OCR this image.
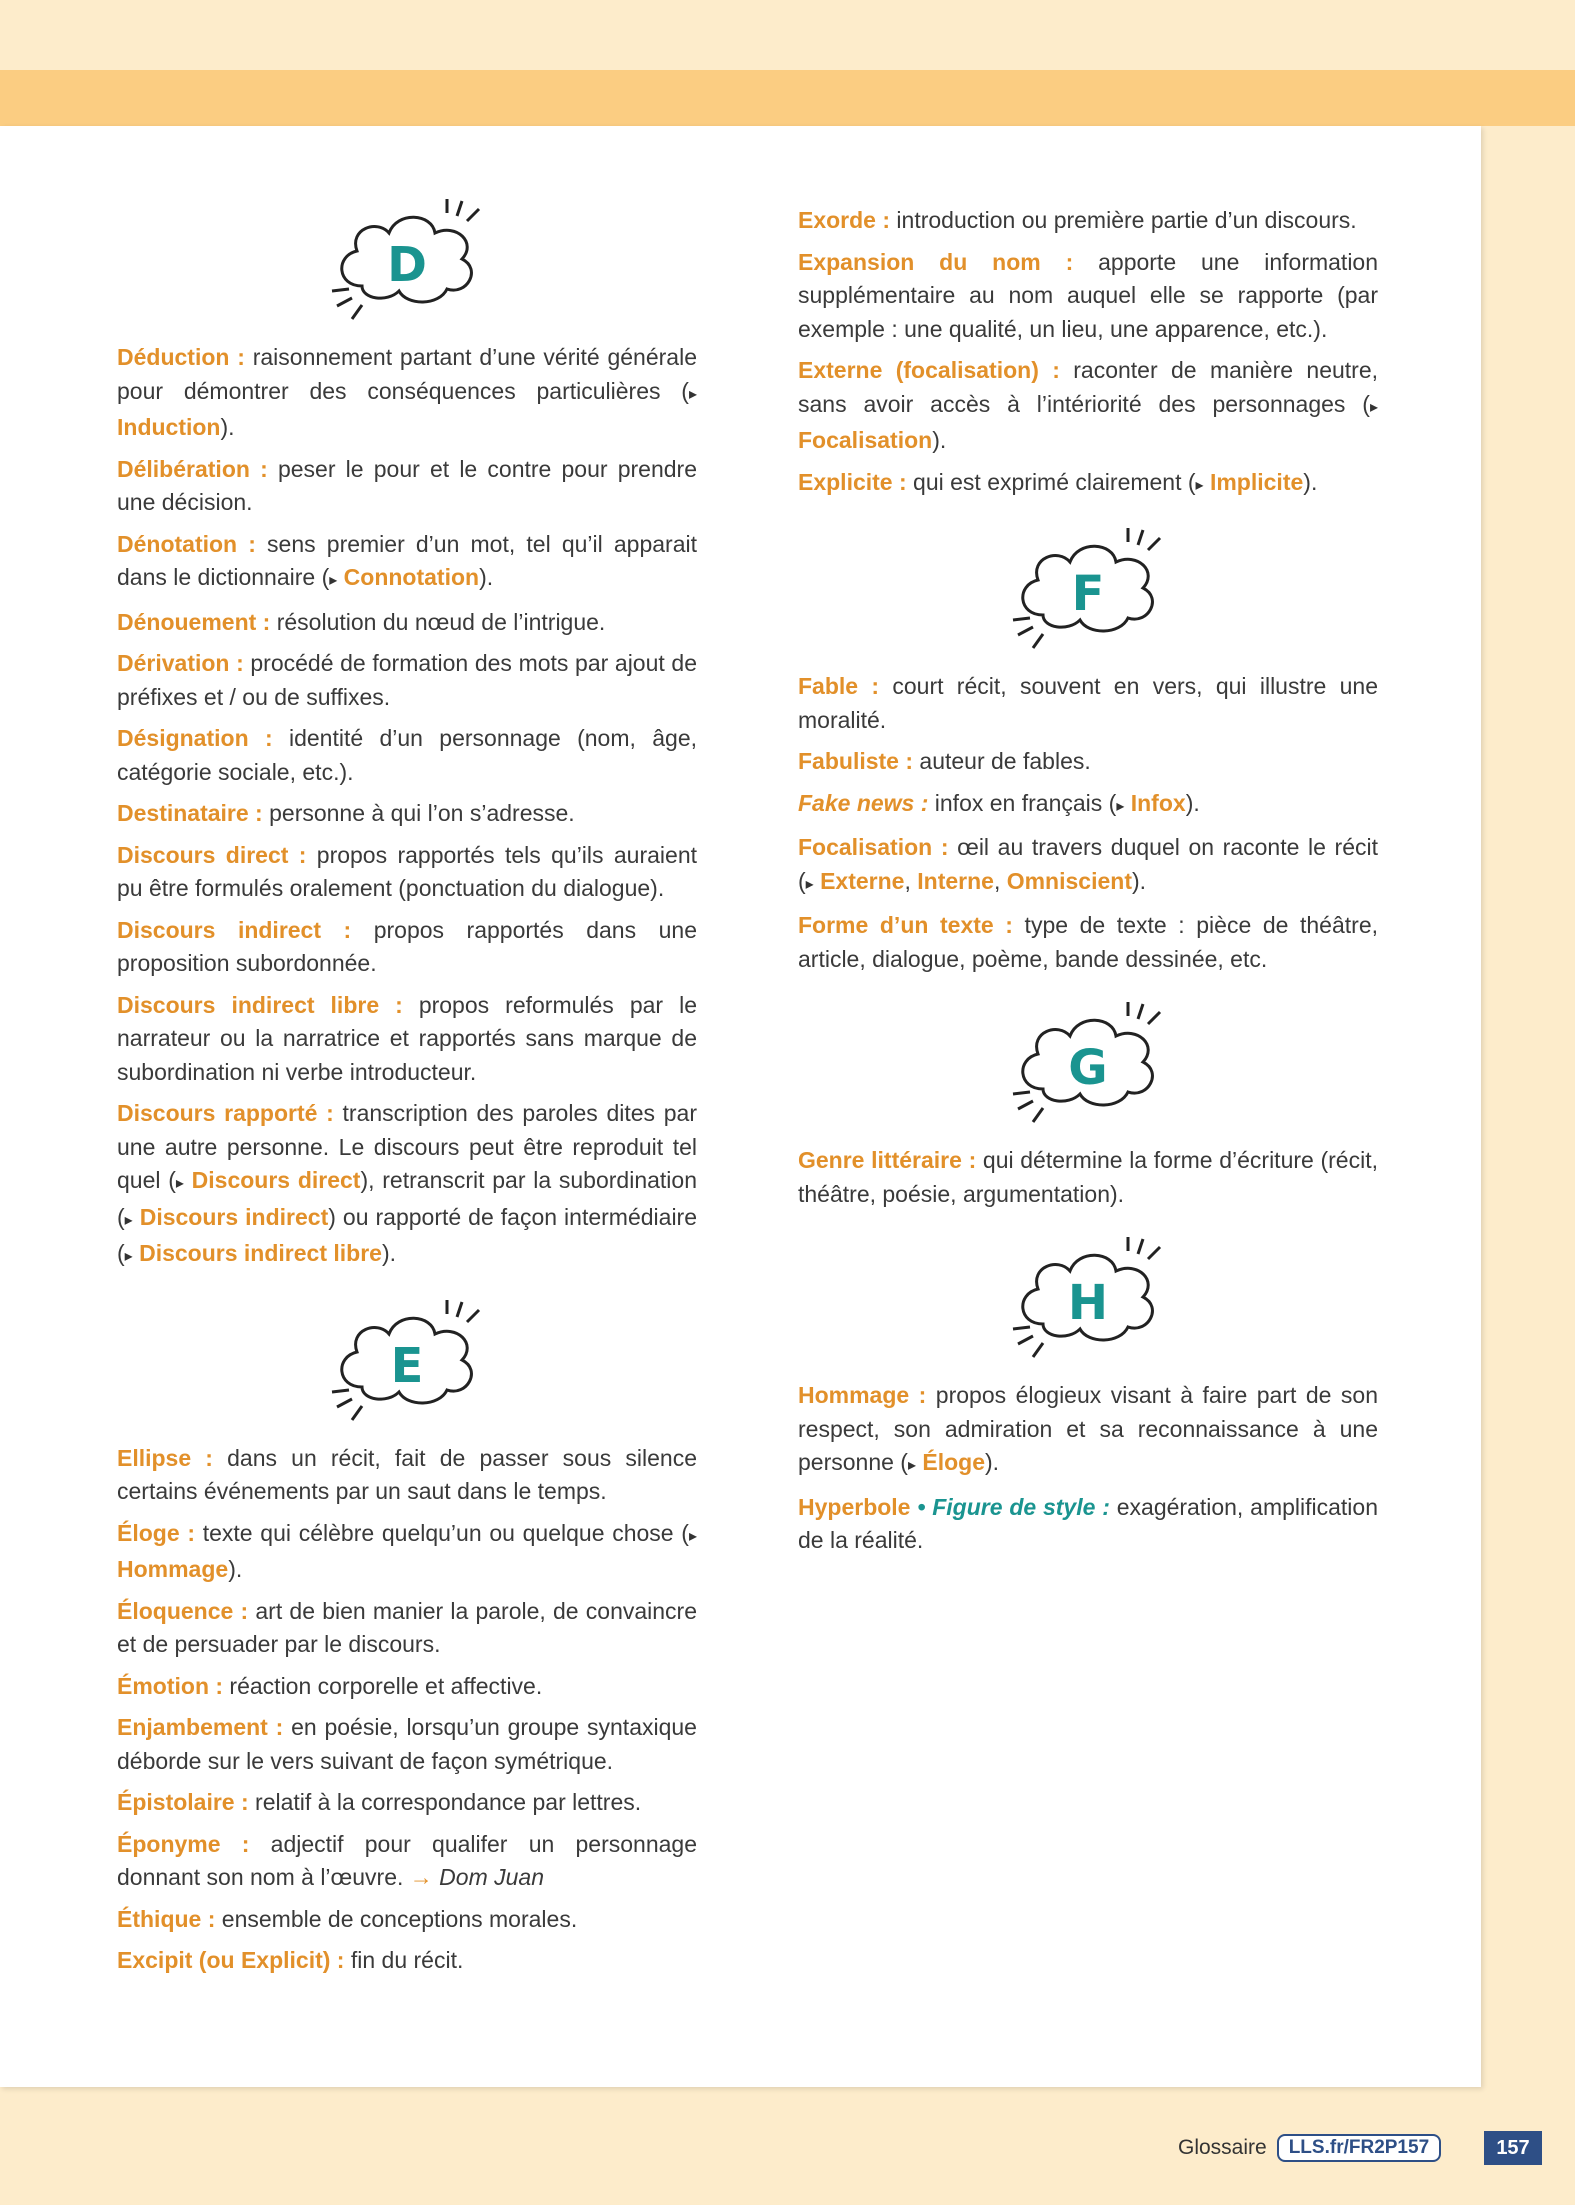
D

Déduction : raisonnement partant d’une vérité générale pour démontrer des conséquences particulières (▸ Induction).

Délibération : peser le pour et le contre pour prendre une décision.

Dénotation : sens premier d’un mot, tel qu’il apparait dans le dictionnaire (▸ Connotation).

Dénouement : résolution du nœud de l’intrigue.

Dérivation : procédé de formation des mots par ajout de préfixes et / ou de suffixes.

Désignation : identité d’un personnage (nom, âge, catégorie sociale, etc.).

Destinataire : personne à qui l’on s’adresse.

Discours direct : propos rapportés tels qu’ils auraient pu être formulés oralement (ponctuation du dialogue).

Discours indirect : propos rapportés dans une proposition subordonnée.

Discours indirect libre : propos reformulés par le narrateur ou la narratrice et rapportés sans marque de subordination ni verbe introducteur.

Discours rapporté : transcription des paroles dites par une autre personne. Le discours peut être reproduit tel quel (▸ Discours direct), retranscrit par la subordination (▸ Discours indirect) ou rapporté de façon intermédiaire (▸ Discours indirect libre).

E

Ellipse : dans un récit, fait de passer sous silence certains événements par un saut dans le temps.

Éloge : texte qui célèbre quelqu’un ou quelque chose (▸ Hommage).

Éloquence : art de bien manier la parole, de convaincre et de persuader par le discours.

Émotion : réaction corporelle et affective.

Enjambement : en poésie, lorsqu’un groupe syntaxique déborde sur le vers suivant de façon symétrique.

Épistolaire : relatif à la correspondance par lettres.

Éponyme : adjectif pour qualifer un personnage donnant son nom à l’œuvre. → Dom Juan

Éthique : ensemble de conceptions morales.

Excipit (ou Explicit) : fin du récit.

Exorde : introduction ou première partie d’un discours.

Expansion du nom : apporte une information supplémentaire au nom auquel elle se rapporte (par exemple : une qualité, un lieu, une apparence, etc.).

Externe (focalisation) : raconter de manière neutre, sans avoir accès à l’intériorité des personnages (▸ Focalisation).

Explicite : qui est exprimé clairement (▸ Implicite).

F

Fable : court récit, souvent en vers, qui illustre une moralité.

Fabuliste : auteur de fables.

Fake news : infox en français (▸ Infox).

Focalisation : œil au travers duquel on raconte le récit (▸ Externe, Interne, Omniscient).

Forme d’un texte : type de texte : pièce de théâtre, article, dialogue, poème, bande dessinée, etc.

G

Genre littéraire : qui détermine la forme d’écriture (récit, théâtre, poésie, argumentation).

H

Hommage : propos élogieux visant à faire part de son respect, son admiration et sa reconnaissance à une personne (▸ Éloge).

Hyperbole • Figure de style : exagération, amplification de la réalité.

Glossaire	LLS.fr/FR2P157	157
